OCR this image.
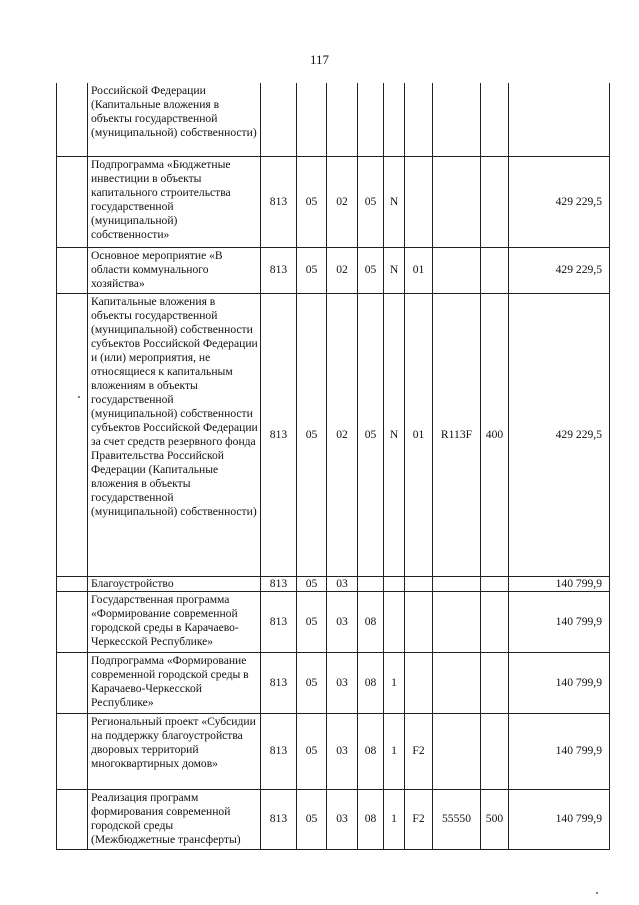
117
	Российской Федерации (Капитальные вложения в объекты государственной (муниципальной) собственности)									
	Подпрограмма «Бюджетные инвестиции в объекты капитального строительства государственной (муниципальной) собственности»	813	05	02	05	N				429 229,5
	Основное мероприятие «В области коммунального хозяйства»	813	05	02	05	N	01			429 229,5
	Капитальные вложения в объекты государственной (муниципальной) собственности субъектов Российской Федерации и (или) мероприятия, не относящиеся к капитальным вложениям в объекты государственной (муниципальной) собственности субъектов Российской Федерации за счет средств резервного фонда Правительства Российской Федерации (Капитальные вложения в объекты государственной (муниципальной) собственности)	813	05	02	05	N	01	R113F	400	429 229,5
	Благоустройство	813	05	03						140 799,9
	Государственная программа «Формирование современной городской среды в Карачаево-Черкесской Республике»	813	05	03	08					140 799,9
	Подпрограмма «Формирование современной городской среды в Карачаево-Черкесской Республике»	813	05	03	08	1				140 799,9
	Региональный проект «Субсидии на поддержку благоустройства дворовых территорий многоквартирных домов»	813	05	03	08	1	F2			140 799,9
	Реализация программ формирования современной городской среды (Межбюджетные трансферты)	813	05	03	08	1	F2	55550	500	140 799,9
